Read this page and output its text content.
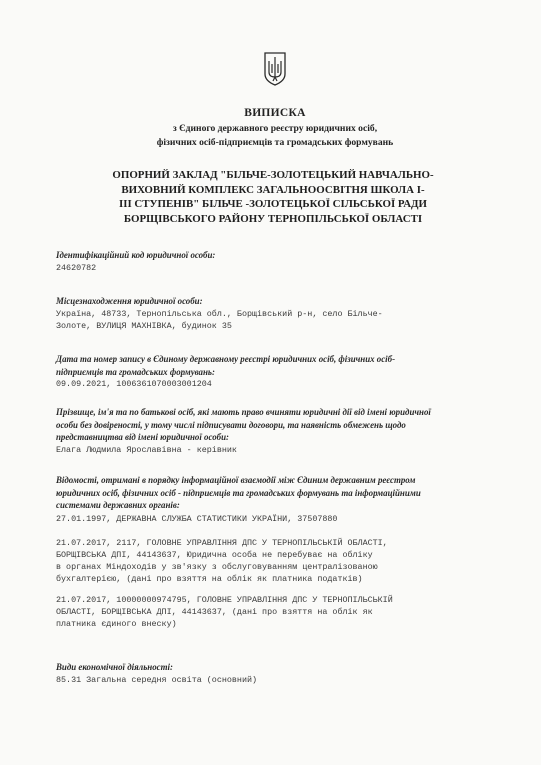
ВИПИСКА
з Єдиного державного реєстру юридичних осіб,
фізичних осіб-підприємців та громадських формувань
ОПОРНИЙ ЗАКЛАД "БІЛЬЧЕ-ЗОЛОТЕЦЬКИЙ НАВЧАЛЬНО-
ВИХОВНИЙ КОМПЛЕКС ЗАГАЛЬНООСВІТНЯ ШКОЛА І-
ІІІ СТУПЕНІВ" БІЛЬЧЕ -ЗОЛОТЕЦЬКОЇ СІЛЬСЬКОЇ РАДИ
БОРЩІВСЬКОГО РАЙОНУ ТЕРНОПІЛЬСЬКОЇ ОБЛАСТІ
Ідентифікаційний код юридичної особи:
24620782
Місцезнаходження юридичної особи:
Україна, 48733, Тернопільська обл., Борщівський р-н, село Більче-
Золоте, ВУЛИЦЯ МАХНІВКА, будинок 35
Дата та номер запису в Єдиному державному реєстрі юридичних осіб, фізичних осіб-
підприємців та громадських формувань:
09.09.2021, 1006361070003001204
Прізвище, ім'я та по батькові осіб, які мають право вчиняти юридичні дії від імені юридичної
особи без довіреності, у тому числі підписувати договори, та наявність обмежень щодо
представництва від імені юридичної особи:
Елага Людмила Ярославівна - керівник
Відомості, отримані в порядку інформаційної взаємодії між Єдиним державним реєстром
юридичних осіб, фізичних осіб - підприємців та громадських формувань та інформаційними
системами державних органів:
27.01.1997, ДЕРЖАВНА СЛУЖБА СТАТИСТИКИ УКРАЇНИ, 37507880
21.07.2017, 2117, ГОЛОВНЕ УПРАВЛІННЯ ДПС У ТЕРНОПІЛЬСЬКІЙ ОБЛАСТІ,
БОРЩІВСЬКА ДПІ, 44143637, Юридична особа не перебуває на обліку
в органах Міндоходів у зв'язку з обслуговуванням централізованою
бухгалтерією, (дані про взяття на облік як платника податків)
21.07.2017, 10000000974795, ГОЛОВНЕ УПРАВЛІННЯ ДПС У ТЕРНОПІЛЬСЬКІЙ
ОБЛАСТІ, БОРЩІВСЬКА ДПІ, 44143637, (дані про взяття на облік як
платника єдиного внеску)
Види економічної діяльності:
85.31 Загальна середня освіта (основний)
